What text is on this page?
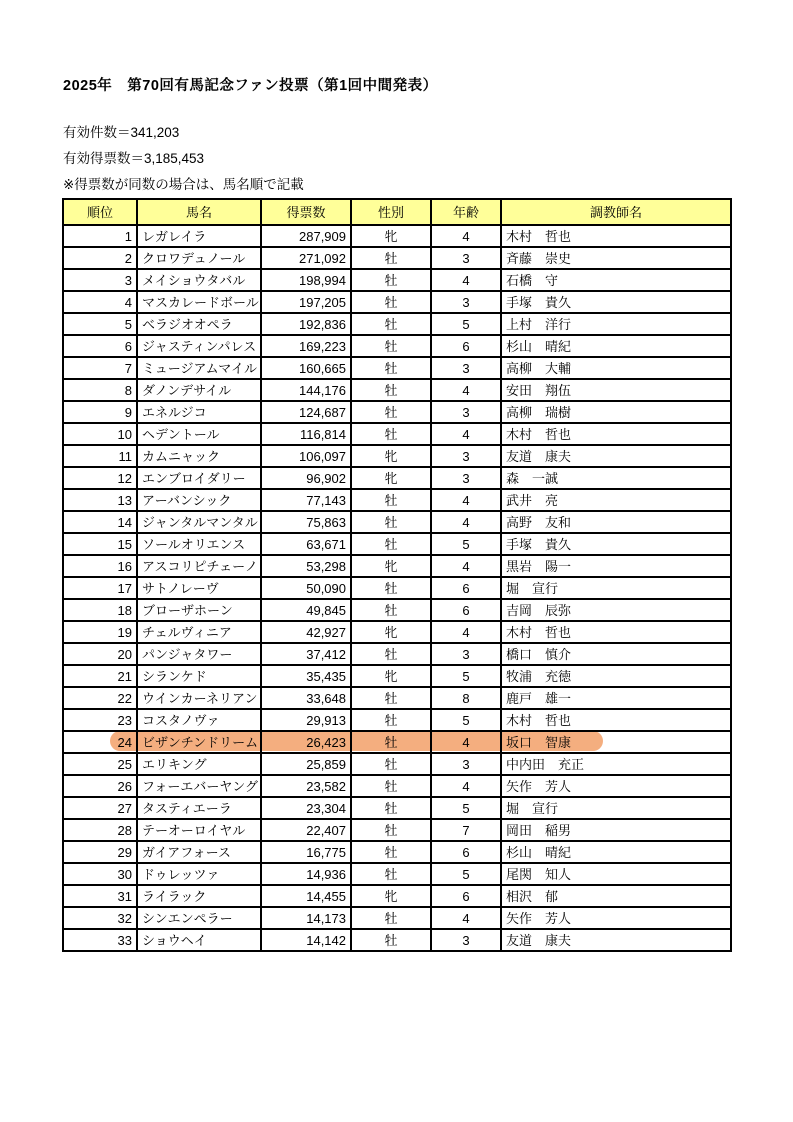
2025年　第70回有馬記念ファン投票（第1回中間発表）
有効件数＝341,203
有効得票数＝3,185,453
※得票数が同数の場合は、馬名順で記載
順位	馬名	得票数	性別	年齢	調教師名
1	レガレイラ	287,909	牝	4	木村　哲也
2	クロワデュノール	271,092	牡	3	斉藤　崇史
3	メイショウタバル	198,994	牡	4	石橋　守
4	マスカレードボール	197,205	牡	3	手塚　貴久
5	ベラジオオペラ	192,836	牡	5	上村　洋行
6	ジャスティンパレス	169,223	牡	6	杉山　晴紀
7	ミュージアムマイル	160,665	牡	3	高柳　大輔
8	ダノンデサイル	144,176	牡	4	安田　翔伍
9	エネルジコ	124,687	牡	3	高柳　瑞樹
10	ヘデントール	116,814	牡	4	木村　哲也
11	カムニャック	106,097	牝	3	友道　康夫
12	エンブロイダリー	96,902	牝	3	森　一誠
13	アーバンシック	77,143	牡	4	武井　亮
14	ジャンタルマンタル	75,863	牡	4	高野　友和
15	ソールオリエンス	63,671	牡	5	手塚　貴久
16	アスコリピチェーノ	53,298	牝	4	黒岩　陽一
17	サトノレーヴ	50,090	牡	6	堀　宣行
18	ブローザホーン	49,845	牡	6	吉岡　辰弥
19	チェルヴィニア	42,927	牝	4	木村　哲也
20	パンジャタワー	37,412	牡	3	橋口　慎介
21	シランケド	35,435	牝	5	牧浦　充徳
22	ウインカーネリアン	33,648	牡	8	鹿戸　雄一
23	コスタノヴァ	29,913	牡	5	木村　哲也
24	ビザンチンドリーム	26,423	牡	4	坂口　智康
25	エリキング	25,859	牡	3	中内田　充正
26	フォーエバーヤング	23,582	牡	4	矢作　芳人
27	タスティエーラ	23,304	牡	5	堀　宣行
28	テーオーロイヤル	22,407	牡	7	岡田　稲男
29	ガイアフォース	16,775	牡	6	杉山　晴紀
30	ドゥレッツァ	14,936	牡	5	尾関　知人
31	ライラック	14,455	牝	6	相沢　郁
32	シンエンペラー	14,173	牡	4	矢作　芳人
33	ショウヘイ	14,142	牡	3	友道　康夫
